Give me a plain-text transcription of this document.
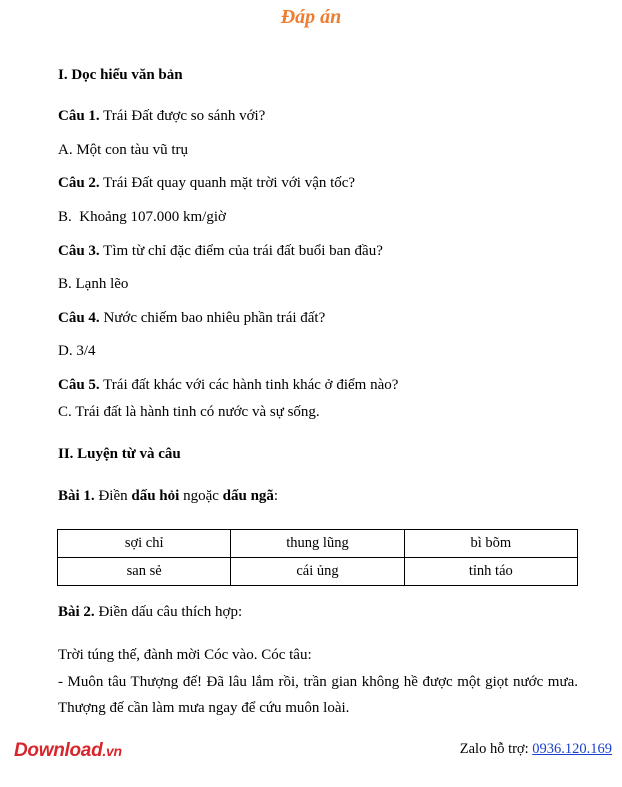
Đáp án
I. Dọc hiểu văn bản
Câu 1. Trái Đất được so sánh với?
A. Một con tàu vũ trụ
Câu 2. Trái Đất quay quanh mặt trời với vận tốc?
B.  Khoảng 107.000 km/giờ
Câu 3. Tìm từ chỉ đặc điểm của trái đất buổi ban đầu?
B. Lạnh lẽo
Câu 4. Nước chiếm bao nhiêu phần trái đất?
D. 3/4
Câu 5. Trái đất khác với các hành tinh khác ở điểm nào?
C. Trái đất là hành tinh có nước và sự sống.
II. Luyện từ và câu
Bài 1. Điền dấu hỏi ngoặc dấu ngã:
sợi chỉ	thung lũng	bì bõm
san sẻ	cái ủng	tỉnh táo
Bài 2. Điền dấu câu thích hợp:
Trời túng thế, đành mời Cóc vào. Cóc tâu:
- Muôn tâu Thượng đế! Đã lâu lắm rồi, trần gian không hề được một giọt nước mưa. Thượng đế cần làm mưa ngay để cứu muôn loài.
Download.vn	Zalo hỗ trợ: 0936.120.169
